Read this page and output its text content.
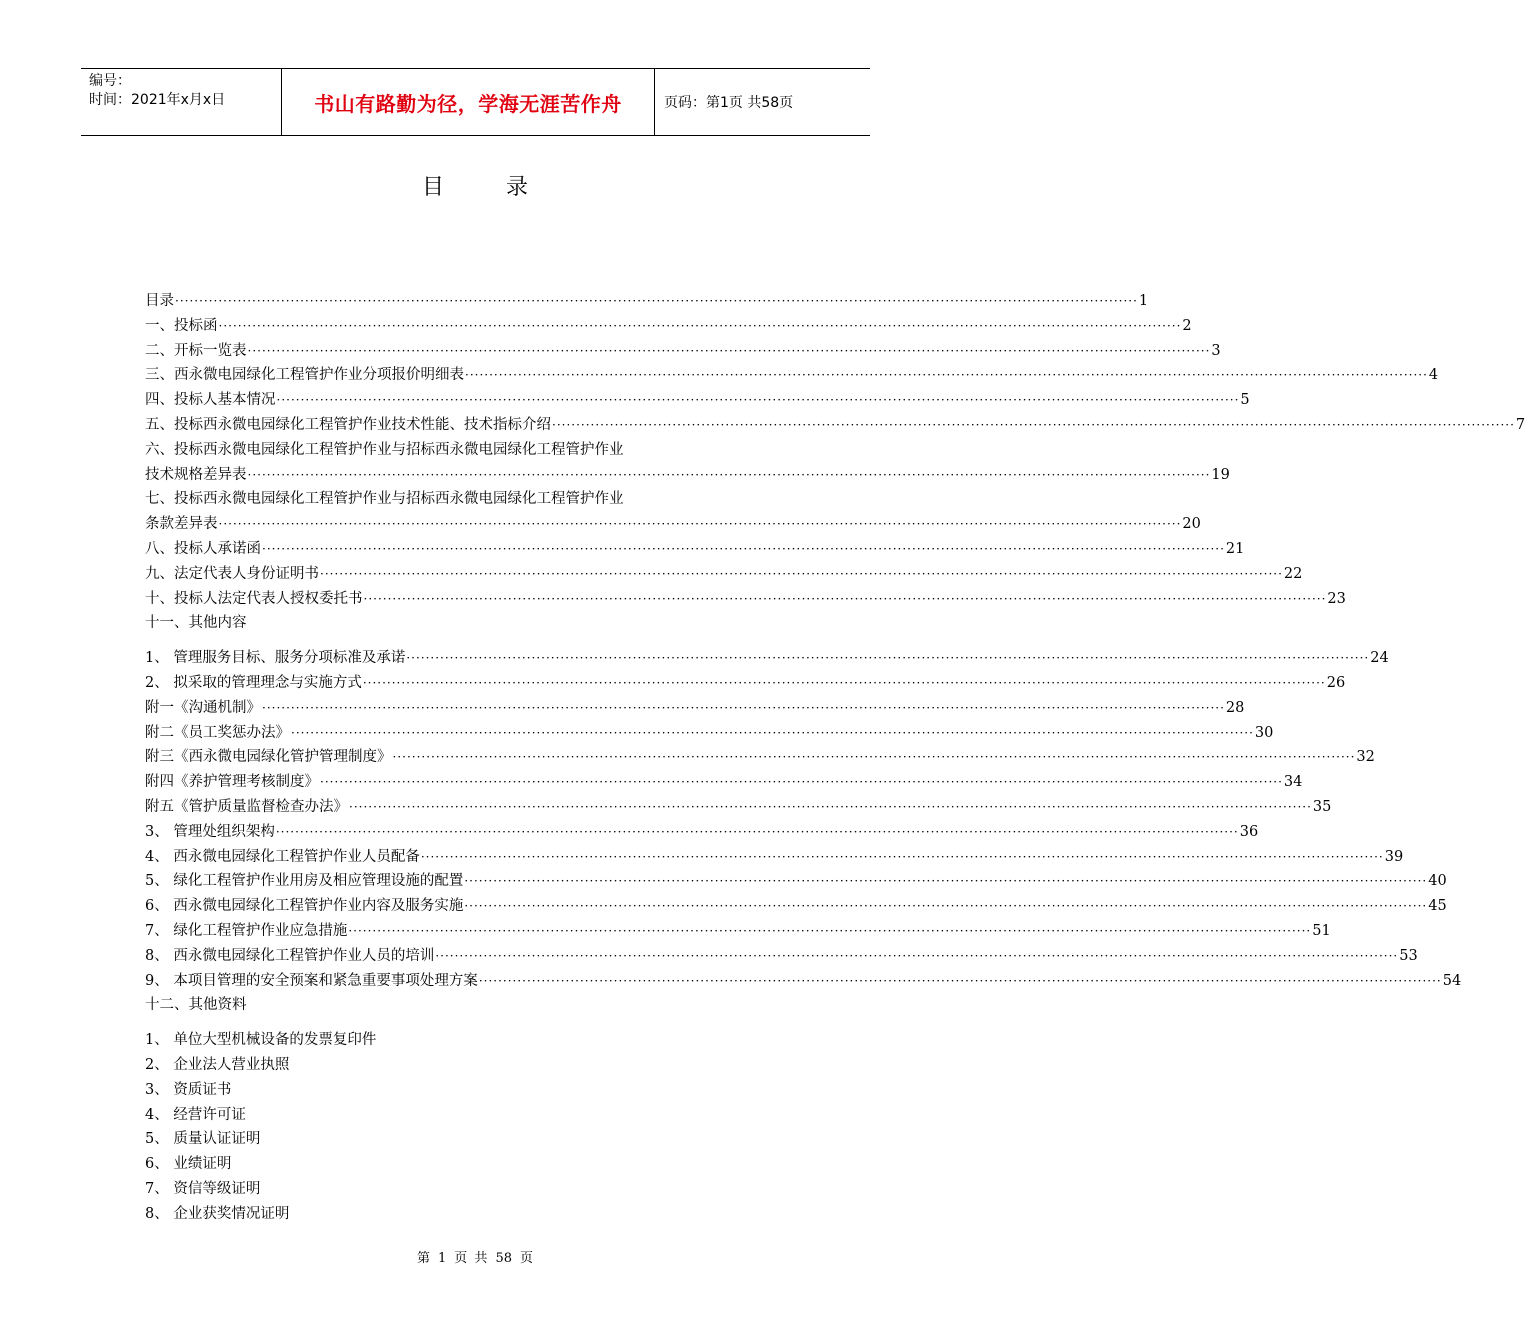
编号：
时间：2021年x月x日	书山有路勤为径，学海无涯苦作舟	页码：第1页 共58页
目录
目录 ········································································································································································································ 1
一、投标函 ········································································································································································································ 2
二、开标一览表 ········································································································································································································ 3
三、西永微电园绿化工程管护作业分项报价明细表 ········································································································································································································ 4
四、投标人基本情况 ········································································································································································································ 5
五、投标西永微电园绿化工程管护作业技术性能、技术指标介绍 ········································································································································································································ 7
六、投标西永微电园绿化工程管护作业与招标西永微电园绿化工程管护作业
技术规格差异表 ········································································································································································································ 19
七、投标西永微电园绿化工程管护作业与招标西永微电园绿化工程管护作业
条款差异表 ········································································································································································································ 20
八、投标人承诺函 ········································································································································································································ 21
九、法定代表人身份证明书 ········································································································································································································ 22
十、投标人法定代表人授权委托书 ········································································································································································································ 23
十一、其他内容
1、 管理服务目标、服务分项标准及承诺 ········································································································································································································ 24
2、 拟采取的管理理念与实施方式 ········································································································································································································ 26
附一《沟通机制》 ········································································································································································································ 28
附二《员工奖惩办法》 ········································································································································································································ 30
附三《西永微电园绿化管护管理制度》 ········································································································································································································ 32
附四《养护管理考核制度》 ········································································································································································································ 34
附五《管护质量监督检查办法》 ········································································································································································································ 35
3、 管理处组织架构 ········································································································································································································ 36
4、 西永微电园绿化工程管护作业人员配备 ········································································································································································································ 39
5、 绿化工程管护作业用房及相应管理设施的配置 ········································································································································································································ 40
6、 西永微电园绿化工程管护作业内容及服务实施 ········································································································································································································ 45
7、 绿化工程管护作业应急措施 ········································································································································································································ 51
8、 西永微电园绿化工程管护作业人员的培训 ········································································································································································································ 53
9、 本项目管理的安全预案和紧急重要事项处理方案 ········································································································································································································ 54
十二、其他资料
1、 单位大型机械设备的发票复印件
2、 企业法人营业执照
3、 资质证书
4、 经营许可证
5、 质量认证证明
6、 业绩证明
7、 资信等级证明
8、 企业获奖情况证明
第 1 页 共 58 页
